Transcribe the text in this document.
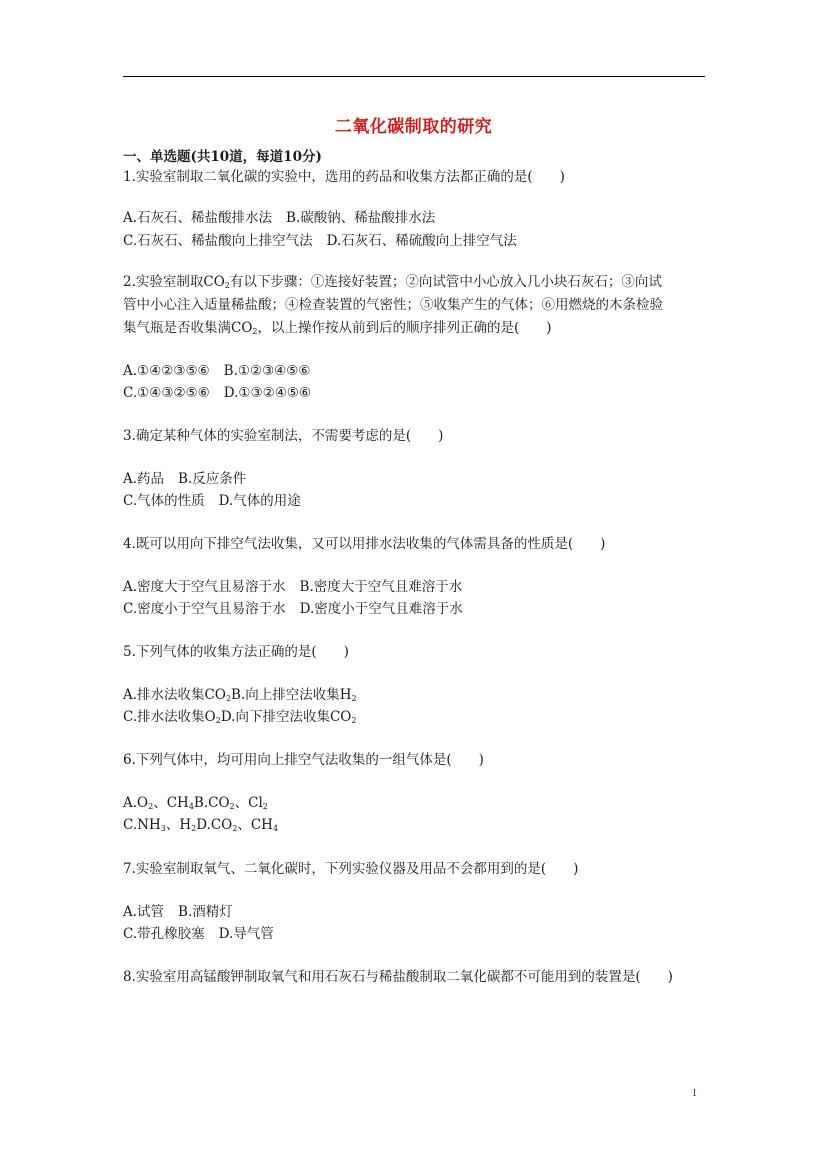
二氧化碳制取的研究
一、单选题(共10道，每道10分)
1.实验室制取二氧化碳的实验中，选用的药品和收集方法都正确的是(　　)
A.石灰石、稀盐酸排水法 B.碳酸钠、稀盐酸排水法
C.石灰石、稀盐酸向上排空气法 D.石灰石、稀硫酸向上排空气法
2.实验室制取$CO_2$有以下步骤：①连接好装置；②向试管中小心放入几小块石灰石；③向试
管中小心注入适量稀盐酸；④检查装置的气密性；⑤收集产生的气体；⑥用燃烧的木条检验
集气瓶是否收集满$CO_2$，以上操作按从前到后的顺序排列正确的是(　　)
A.①④②③⑤⑥ B.①②③④⑤⑥
C.①④③②⑤⑥ D.①③②④⑤⑥
3.确定某种气体的实验室制法，不需要考虑的是(　　)
A.药品 B.反应条件
C.气体的性质 D.气体的用途
4.既可以用向下排空气法收集，又可以用排水法收集的气体需具备的性质是(　　)
A.密度大于空气且易溶于水 B.密度大于空气且难溶于水
C.密度小于空气且易溶于水 D.密度小于空气且难溶于水
5.下列气体的收集方法正确的是(　　)
A.排水法收集$CO_2B$.向上排空法收集$H_2$
C.排水法收集$O_2D$.向下排空法收集$CO_2$
6.下列气体中，均可用向上排空气法收集的一组气体是(　　)
$A.O_2$、$CH_4B.CO_2$、$Cl_2$
$C.NH_3$、$H_2D.CO_2$、$CH_4$
7.实验室制取氧气、二氧化碳时，下列实验仪器及用品不会都用到的是(　　)
A.试管 B.酒精灯
C.带孔橡胶塞 D.导气管
8.实验室用高锰酸钾制取氧气和用石灰石与稀盐酸制取二氧化碳都不可能用到的装置是(　　)
1
